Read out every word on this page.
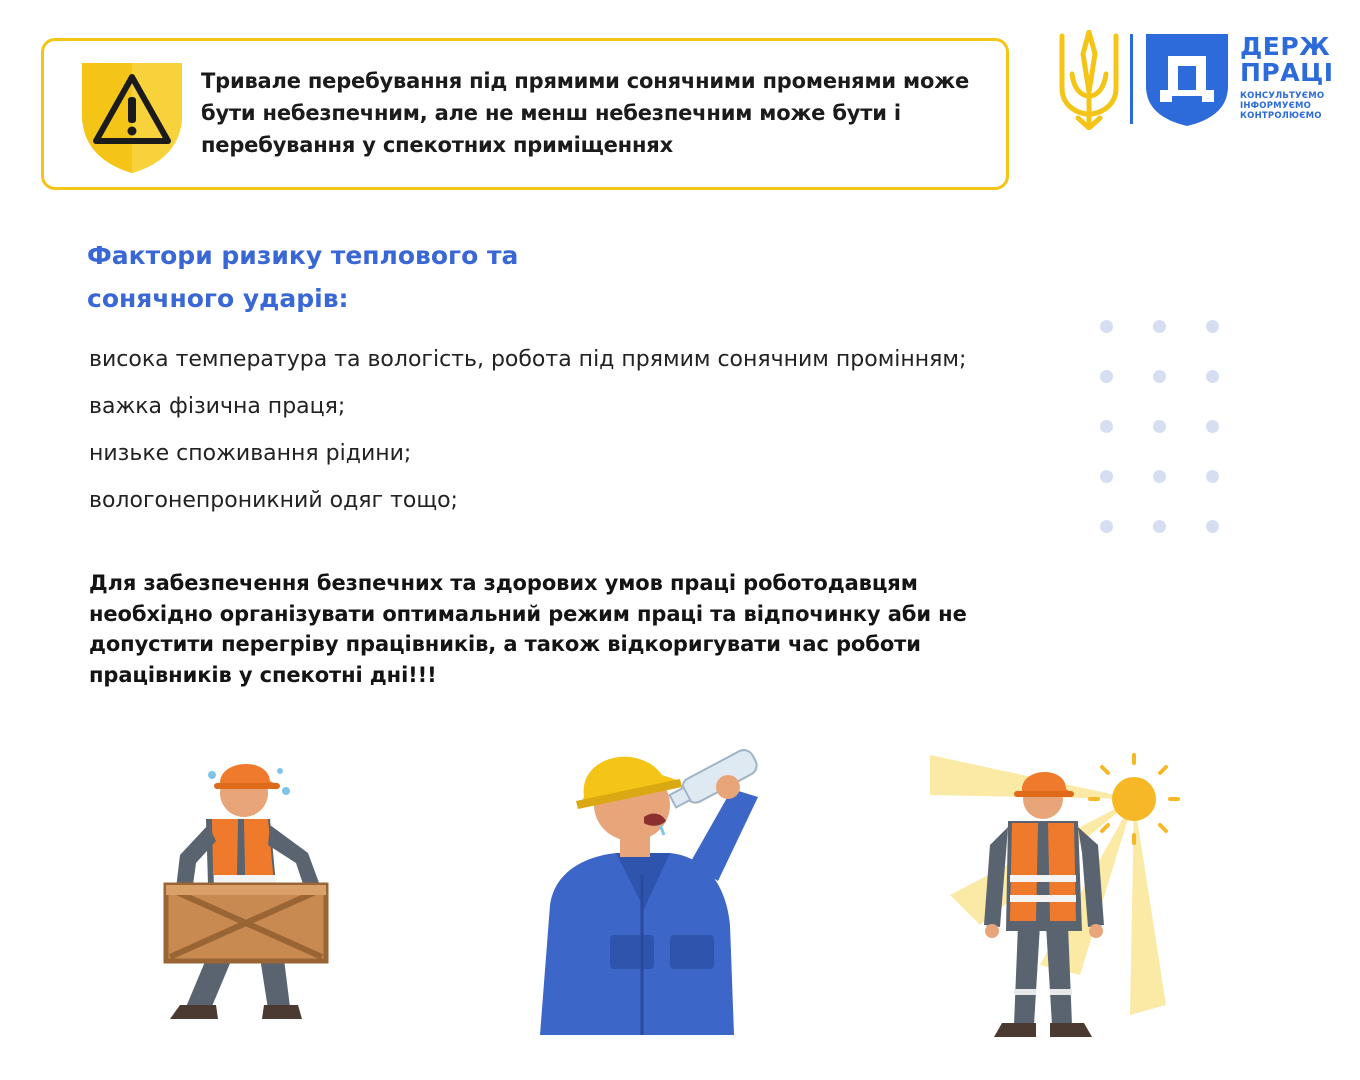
Тривале перебування під прямими сонячними променями може бути небезпечним, але не менш небезпечним може бути і перебування у спекотних приміщеннях
ДЕРЖ
ПРАЦІ
КОНСУЛЬТУЄМО
ІНФОРМУЄМО
КОНТРОЛЮЄМО
Фактори ризику теплового та
сонячного ударів:
висока температура та вологість, робота під прямим сонячним промінням;
важка фізична праця;
низьке споживання рідини;
вологонепроникний одяг тощо;
Для забезпечення безпечних та здорових умов праці роботодавцям необхідно організувати оптимальний режим праці та відпочинку аби не допустити перегріву працівників, а також відкоригувати час роботи працівників у спекотні дні!!!
